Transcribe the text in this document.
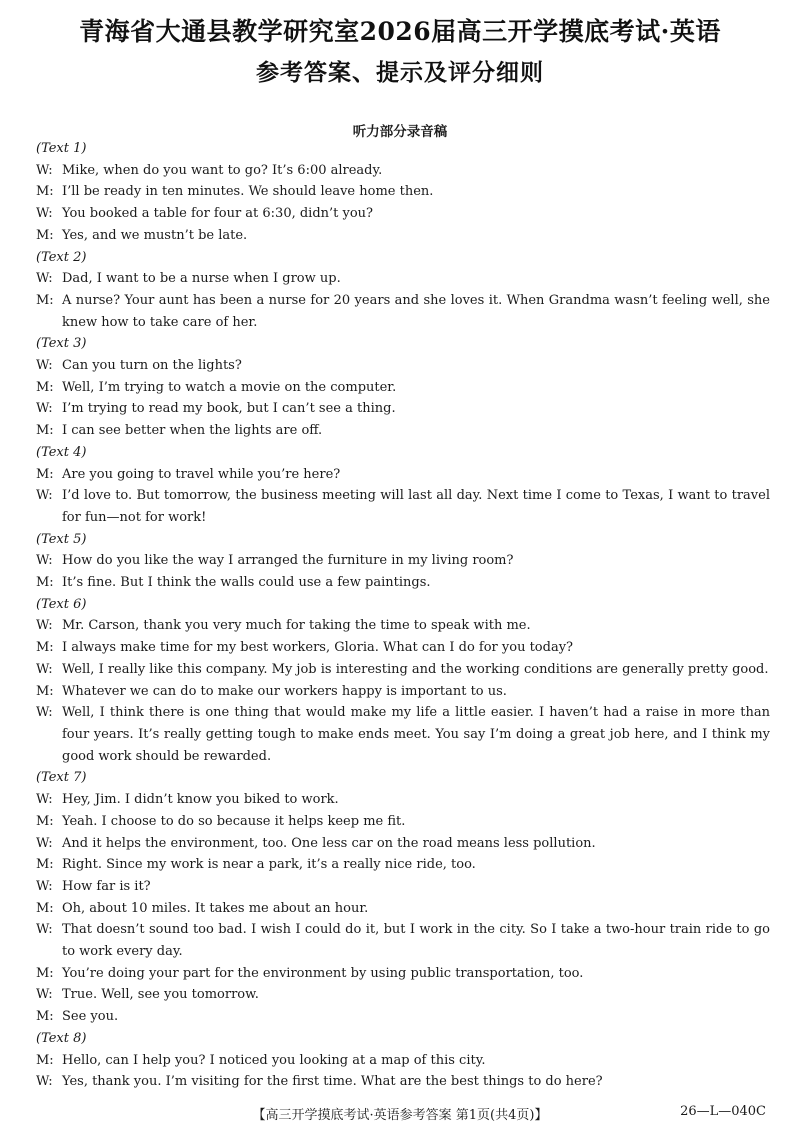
青海省大通县教学研究室2026届高三开学摸底考试·英语
参考答案、提示及评分细则
听力部分录音稿
(Text 1)
W: Mike, when do you want to go? It’s 6:00 already.
M: I’ll be ready in ten minutes. We should leave home then.
W: You booked a table for four at 6:30, didn’t you?
M: Yes, and we mustn’t be late.
(Text 2)
W: Dad, I want to be a nurse when I grow up.
M: A nurse? Your aunt has been a nurse for 20 years and she loves it. When Grandma wasn’t feeling well, she knew how to take care of her.
(Text 3)
W: Can you turn on the lights?
M: Well, I’m trying to watch a movie on the computer.
W: I’m trying to read my book, but I can’t see a thing.
M: I can see better when the lights are off.
(Text 4)
M: Are you going to travel while you’re here?
W: I’d love to. But tomorrow, the business meeting will last all day. Next time I come to Texas, I want to travel for fun—not for work!
(Text 5)
W: How do you like the way I arranged the furniture in my living room?
M: It’s fine. But I think the walls could use a few paintings.
(Text 6)
W: Mr. Carson, thank you very much for taking the time to speak with me.
M: I always make time for my best workers, Gloria. What can I do for you today?
W: Well, I really like this company. My job is interesting and the working conditions are generally pretty good.
M: Whatever we can do to make our workers happy is important to us.
W: Well, I think there is one thing that would make my life a little easier. I haven’t had a raise in more than four years. It’s really getting tough to make ends meet. You say I’m doing a great job here, and I think my good work should be rewarded.
(Text 7)
W: Hey, Jim. I didn’t know you biked to work.
M: Yeah. I choose to do so because it helps keep me fit.
W: And it helps the environment, too. One less car on the road means less pollution.
M: Right. Since my work is near a park, it’s a really nice ride, too.
W: How far is it?
M: Oh, about 10 miles. It takes me about an hour.
W: That doesn’t sound too bad. I wish I could do it, but I work in the city. So I take a two-hour train ride to go to work every day.
M: You’re doing your part for the environment by using public transportation, too.
W: True. Well, see you tomorrow.
M: See you.
(Text 8)
M: Hello, can I help you? I noticed you looking at a map of this city.
W: Yes, thank you. I’m visiting for the first time. What are the best things to do here?
【高三开学摸底考试·英语参考答案 第1页(共4页)】	26—L—040C
